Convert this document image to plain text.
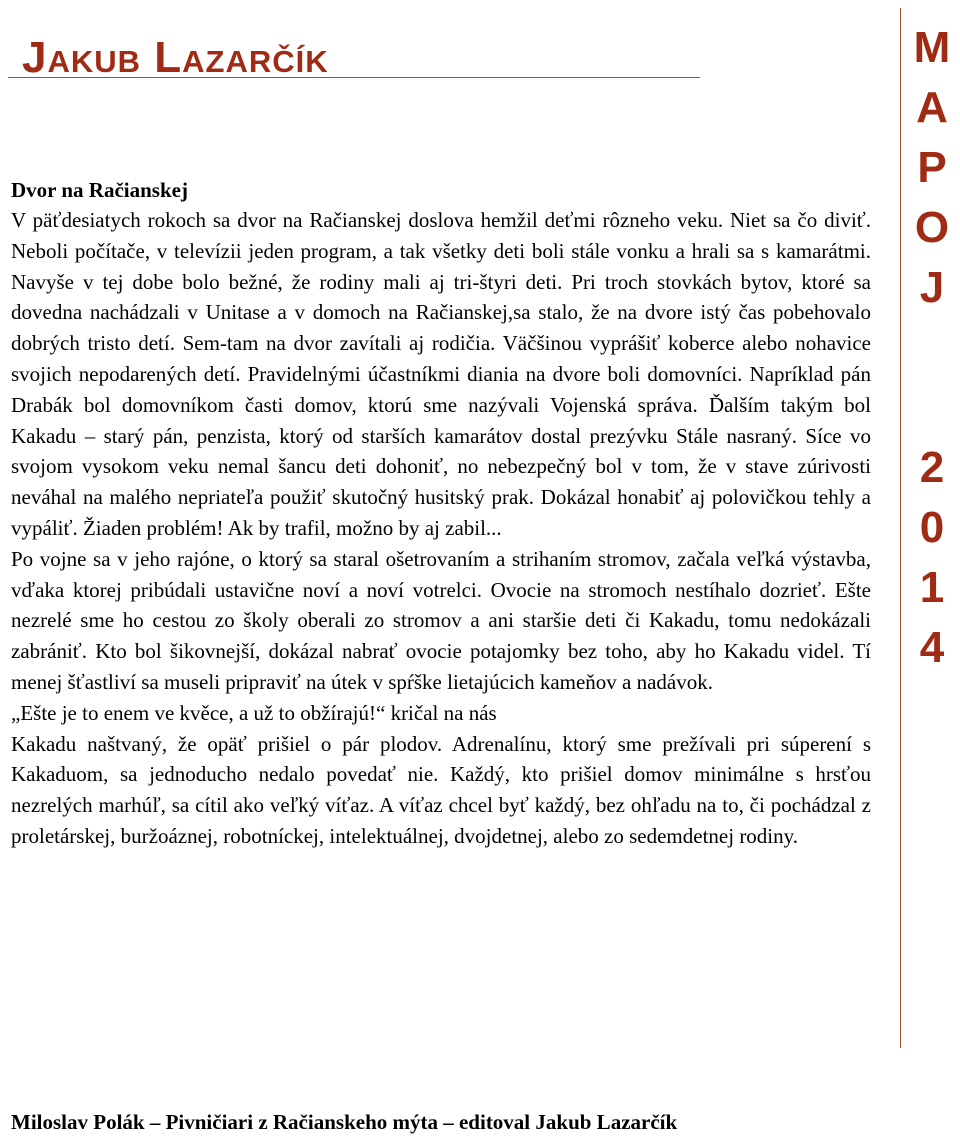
Jakub Lazarčík	M
A
P
O
J
2
0
1
4
Dvor na Račianskej

V päťdesiatych rokoch sa dvor na Račianskej doslova hemžil deťmi rôzneho veku. Niet sa čo diviť. Neboli počítače, v televízii jeden program, a tak všetky deti boli stále vonku a hrali sa s kamarátmi. Navyše v tej dobe bolo bežné, že rodiny mali aj tri-štyri deti. Pri troch stovkách bytov, ktoré sa dovedna nachádzali v Unitase a v domoch na Račianskej,sa stalo, že na dvore istý čas pobehovalo dobrých tristo detí. Sem-tam na dvor zavítali aj rodičia. Väčšinou vyprášiť koberce alebo nohavice svojich nepodarených detí. Pravidelnými účastníkmi diania na dvore boli domovníci. Napríklad pán Drabák bol domovníkom časti domov, ktorú sme nazývali Vojenská správa. Ďalším takým bol Kakadu – starý pán, penzista, ktorý od starších kamarátov dostal prezývku Stále nasraný. Síce vo svojom vysokom veku nemal šancu deti dohoniť, no nebezpečný bol v tom, že v stave zúrivosti neváhal na malého nepriateľa použiť skutočný husitský prak. Dokázal honabiť aj polovičkou tehly a vypáliť. Žiaden problém! Ak by trafil, možno by aj zabil...

Po vojne sa v jeho rajóne, o ktorý sa staral ošetrovaním a strihaním stromov, začala veľká výstavba, vďaka ktorej pribúdali ustavične noví a noví votrelci. Ovocie na stromoch nestíhalo dozrieť. Ešte nezrelé sme ho cestou zo školy oberali zo stromov a ani staršie deti či Kakadu, tomu nedokázali zabrániť. Kto bol šikovnejší, dokázal nabrať ovocie potajomky bez toho, aby ho Kakadu videl. Tí menej šťastliví sa museli pripraviť na útek v spŕške lietajúcich kameňov a nadávok.

„Ešte je to enem ve kvěce, a už to obžírajú!“ kričal na nás

Kakadu naštvaný, že opäť prišiel o pár plodov. Adrenalínu, ktorý sme prežívali pri súperení s Kakaduom, sa jednoducho nedalo povedať nie. Každý, kto prišiel domov minimálne s hrsťou nezrelých marhúľ, sa cítil ako veľký víťaz. A víťaz chcel byť každý, bez ohľadu na to, či pochádzal z proletárskej, buržoáznej, robotníckej, intelektuálnej, dvojdetnej, alebo zo sedemdetnej rodiny.

Miloslav Polák – Pivničiari z Račianskeho mýta – editoval Jakub Lazarčík
